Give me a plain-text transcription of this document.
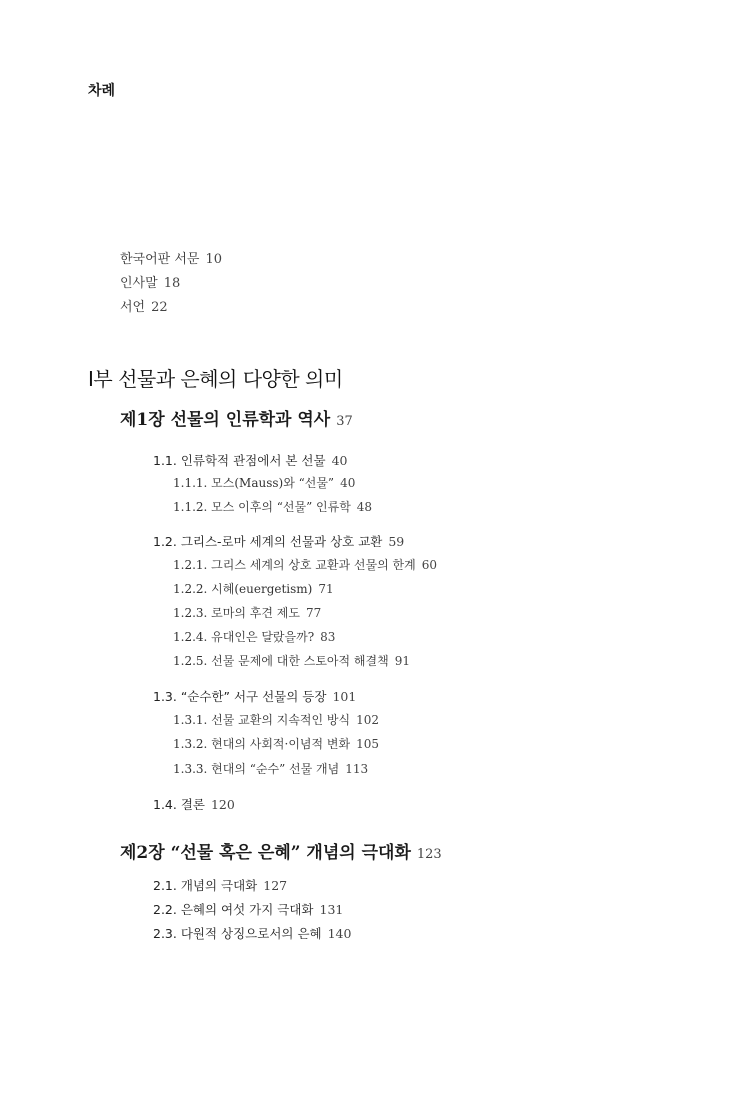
차례
한국어판 서문 10
인사말 18
서언 22
I부 선물과 은혜의 다양한 의미
제1장 선물의 인류학과 역사 37
1.1. 인류학적 관점에서 본 선물 40
1.1.1. 모스(Mauss)와 “선물” 40
1.1.2. 모스 이후의 “선물” 인류학 48
1.2. 그리스-로마 세계의 선물과 상호 교환 59
1.2.1. 그리스 세계의 상호 교환과 선물의 한계 60
1.2.2. 시혜(euergetism) 71
1.2.3. 로마의 후견 제도 77
1.2.4. 유대인은 달랐을까? 83
1.2.5. 선물 문제에 대한 스토아적 해결책 91
1.3. “순수한” 서구 선물의 등장 101
1.3.1. 선물 교환의 지속적인 방식 102
1.3.2. 현대의 사회적·이념적 변화 105
1.3.3. 현대의 “순수” 선물 개념 113
1.4. 결론 120
제2장 “선물 혹은 은혜” 개념의 극대화 123
2.1. 개념의 극대화 127
2.2. 은혜의 여섯 가지 극대화 131
2.3. 다원적 상징으로서의 은혜 140
